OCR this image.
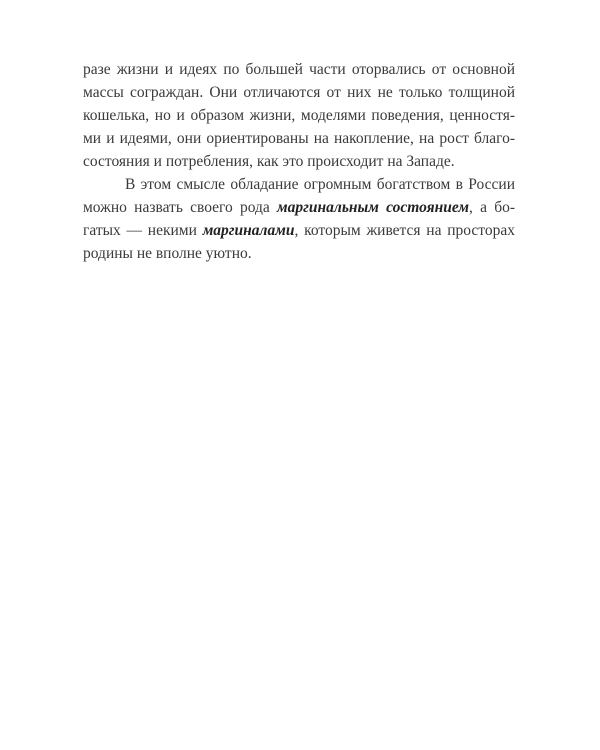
разе жизни и идеях по большей части оторвались от основной
массы сограждан. Они отличаются от них не только толщиной
кошелька, но и образом жизни, моделями поведения, ценностя-
ми и идеями, они ориентированы на накопление, на рост благо-
состояния и потребления, как это происходит на Западе.
В этом смысле обладание огромным богатством в России
можно назвать своего рода маргинальным состоянием, а бо-
гатых — некими маргиналами, которым живется на просторах
родины не вполне уютно.
